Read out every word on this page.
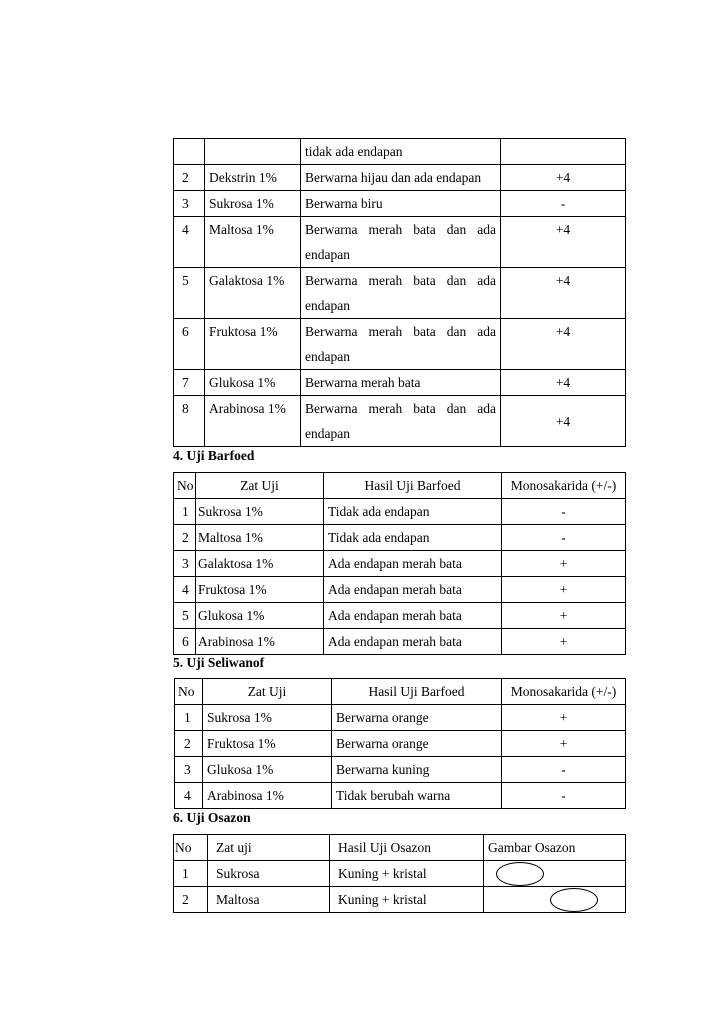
		tidak ada endapan	
2	Dekstrin 1%	Berwarna hijau dan ada endapan	+4
3	Sukrosa 1%	Berwarna biru	-
4	Maltosa 1%	Berwarna merah bata dan ada endapan	+4
5	Galaktosa 1%	Berwarna merah bata dan ada endapan	+4
6	Fruktosa 1%	Berwarna merah bata dan ada endapan	+4
7	Glukosa 1%	Berwarna merah bata	+4
8	Arabinosa 1%	Berwarna merah bata dan ada endapan	+4
4. Uji Barfoed
No	Zat Uji	Hasil Uji Barfoed	Monosakarida (+/-)
1	Sukrosa 1%	Tidak ada endapan	-
2	Maltosa 1%	Tidak ada endapan	-
3	Galaktosa 1%	Ada endapan merah bata	+
4	Fruktosa 1%	Ada endapan merah bata	+
5	Glukosa 1%	Ada endapan merah bata	+
6	Arabinosa 1%	Ada endapan merah bata	+
5. Uji Seliwanof
No	Zat Uji	Hasil Uji Barfoed	Monosakarida (+/-)
1	Sukrosa 1%	Berwarna orange	+
2	Fruktosa 1%	Berwarna orange	+
3	Glukosa 1%	Berwarna kuning	-
4	Arabinosa 1%	Tidak berubah warna	-
6. Uji Osazon
No	Zat uji	Hasil Uji Osazon	Gambar Osazon
1	Sukrosa	Kuning + kristal	
2	Maltosa	Kuning + kristal	
